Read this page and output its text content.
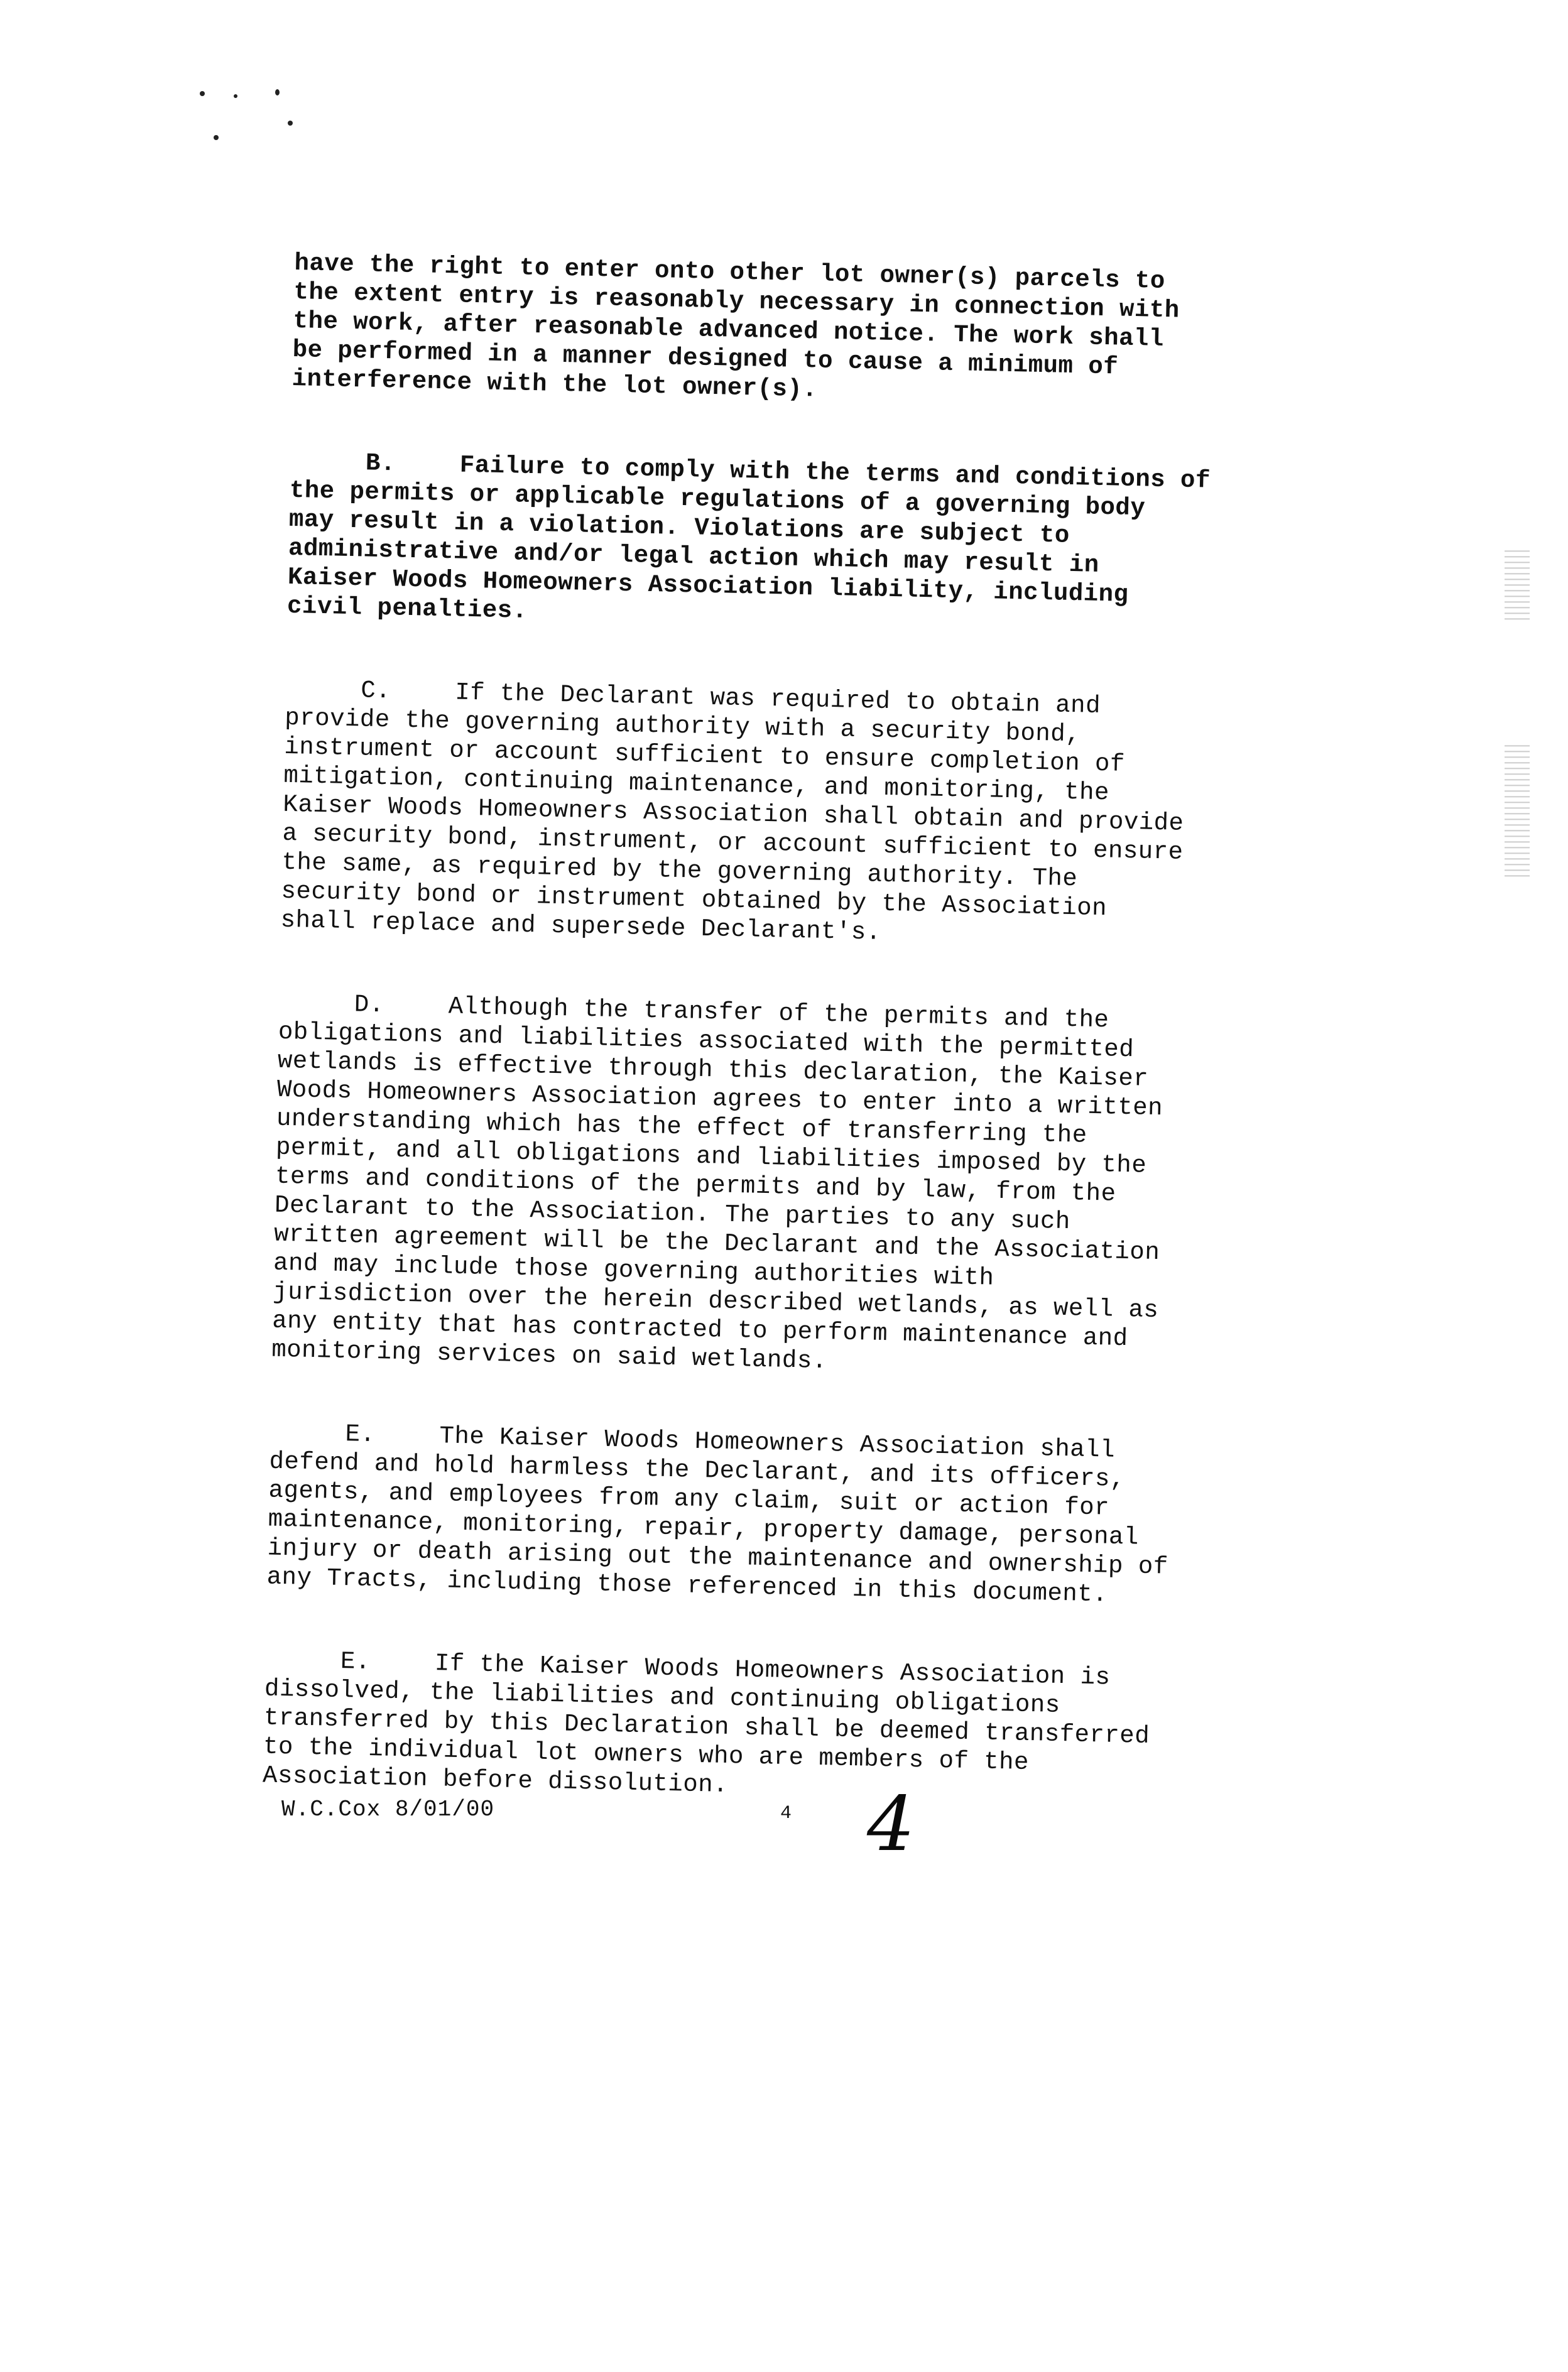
have the right to enter onto other lot owner(s) parcels to
the extent entry is reasonably necessary in connection with
the work, after reasonable advanced notice. The work shall
be performed in a manner designed to cause a minimum of
interference with the lot owner(s).

B.	Failure to comply with the terms and conditions of
the permits or applicable regulations of a governing body
may result in a violation. Violations are subject to
administrative and/or legal action which may result in
Kaiser Woods Homeowners Association liability, including
civil penalties.

C.	If the Declarant was required to obtain and
provide the governing authority with a security bond,
instrument or account sufficient to ensure completion of
mitigation, continuing maintenance, and monitoring, the
Kaiser Woods Homeowners Association shall obtain and provide
a security bond, instrument, or account sufficient to ensure
the same, as required by the governing authority. The
security bond or instrument obtained by the Association
shall replace and supersede Declarant's.

D.	Although the transfer of the permits and the
obligations and liabilities associated with the permitted
wetlands is effective through this declaration, the Kaiser
Woods Homeowners Association agrees to enter into a written
understanding which has the effect of transferring the
permit, and all obligations and liabilities imposed by the
terms and conditions of the permits and by law, from the
Declarant to the Association. The parties to any such
written agreement will be the Declarant and the Association
and may include those governing authorities with
jurisdiction over the herein described wetlands, as well as
any entity that has contracted to perform maintenance and
monitoring services on said wetlands.

E.	The Kaiser Woods Homeowners Association shall
defend and hold harmless the Declarant, and its officers,
agents, and employees from any claim, suit or action for
maintenance, monitoring, repair, property damage, personal
injury or death arising out the maintenance and ownership of
any Tracts, including those referenced in this document.

E.	If the Kaiser Woods Homeowners Association is
dissolved, the liabilities and continuing obligations
transferred by this Declaration shall be deemed transferred
to the individual lot owners who are members of the
Association before dissolution.

W.C.Cox 8/01/00	4 4
